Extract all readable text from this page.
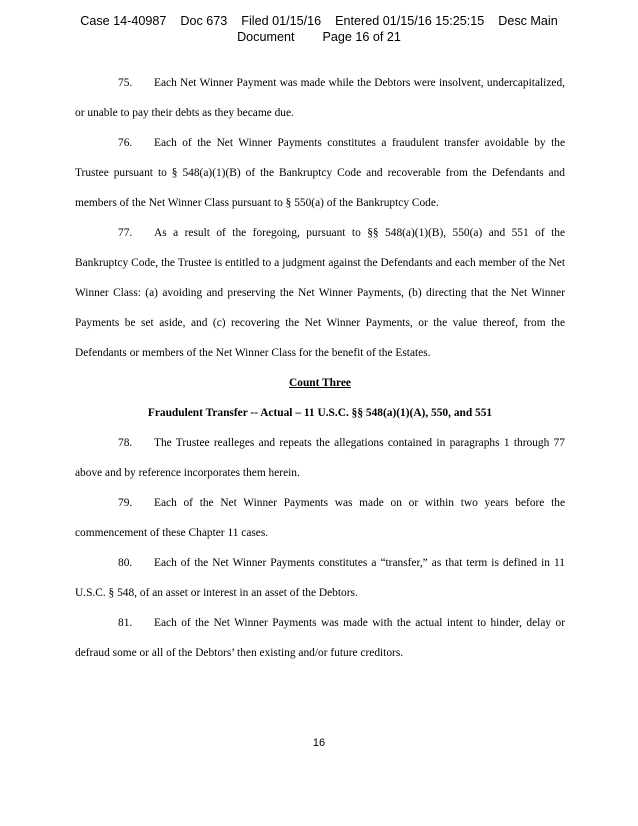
Case 14-40987    Doc 673    Filed 01/15/16    Entered 01/15/16 15:25:15    Desc Main
Document        Page 16 of 21

75. Each Net Winner Payment was made while the Debtors were insolvent, undercapitalized, or unable to pay their debts as they became due.

76. Each of the Net Winner Payments constitutes a fraudulent transfer avoidable by the Trustee pursuant to § 548(a)(1)(B) of the Bankruptcy Code and recoverable from the Defendants and members of the Net Winner Class pursuant to § 550(a) of the Bankruptcy Code.

77. As a result of the foregoing, pursuant to §§ 548(a)(1)(B), 550(a) and 551 of the Bankruptcy Code, the Trustee is entitled to a judgment against the Defendants and each member of the Net Winner Class: (a) avoiding and preserving the Net Winner Payments, (b) directing that the Net Winner Payments be set aside, and (c) recovering the Net Winner Payments, or the value thereof, from the Defendants or members of the Net Winner Class for the benefit of the Estates.

Count Three

Fraudulent Transfer -- Actual – 11 U.S.C. §§ 548(a)(1)(A), 550, and 551

78. The Trustee realleges and repeats the allegations contained in paragraphs 1 through 77 above and by reference incorporates them herein.

79. Each of the Net Winner Payments was made on or within two years before the commencement of these Chapter 11 cases.

80. Each of the Net Winner Payments constitutes a “transfer,” as that term is defined in 11 U.S.C. § 548, of an asset or interest in an asset of the Debtors.

81. Each of the Net Winner Payments was made with the actual intent to hinder, delay or defraud some or all of the Debtors’ then existing and/or future creditors.

16
